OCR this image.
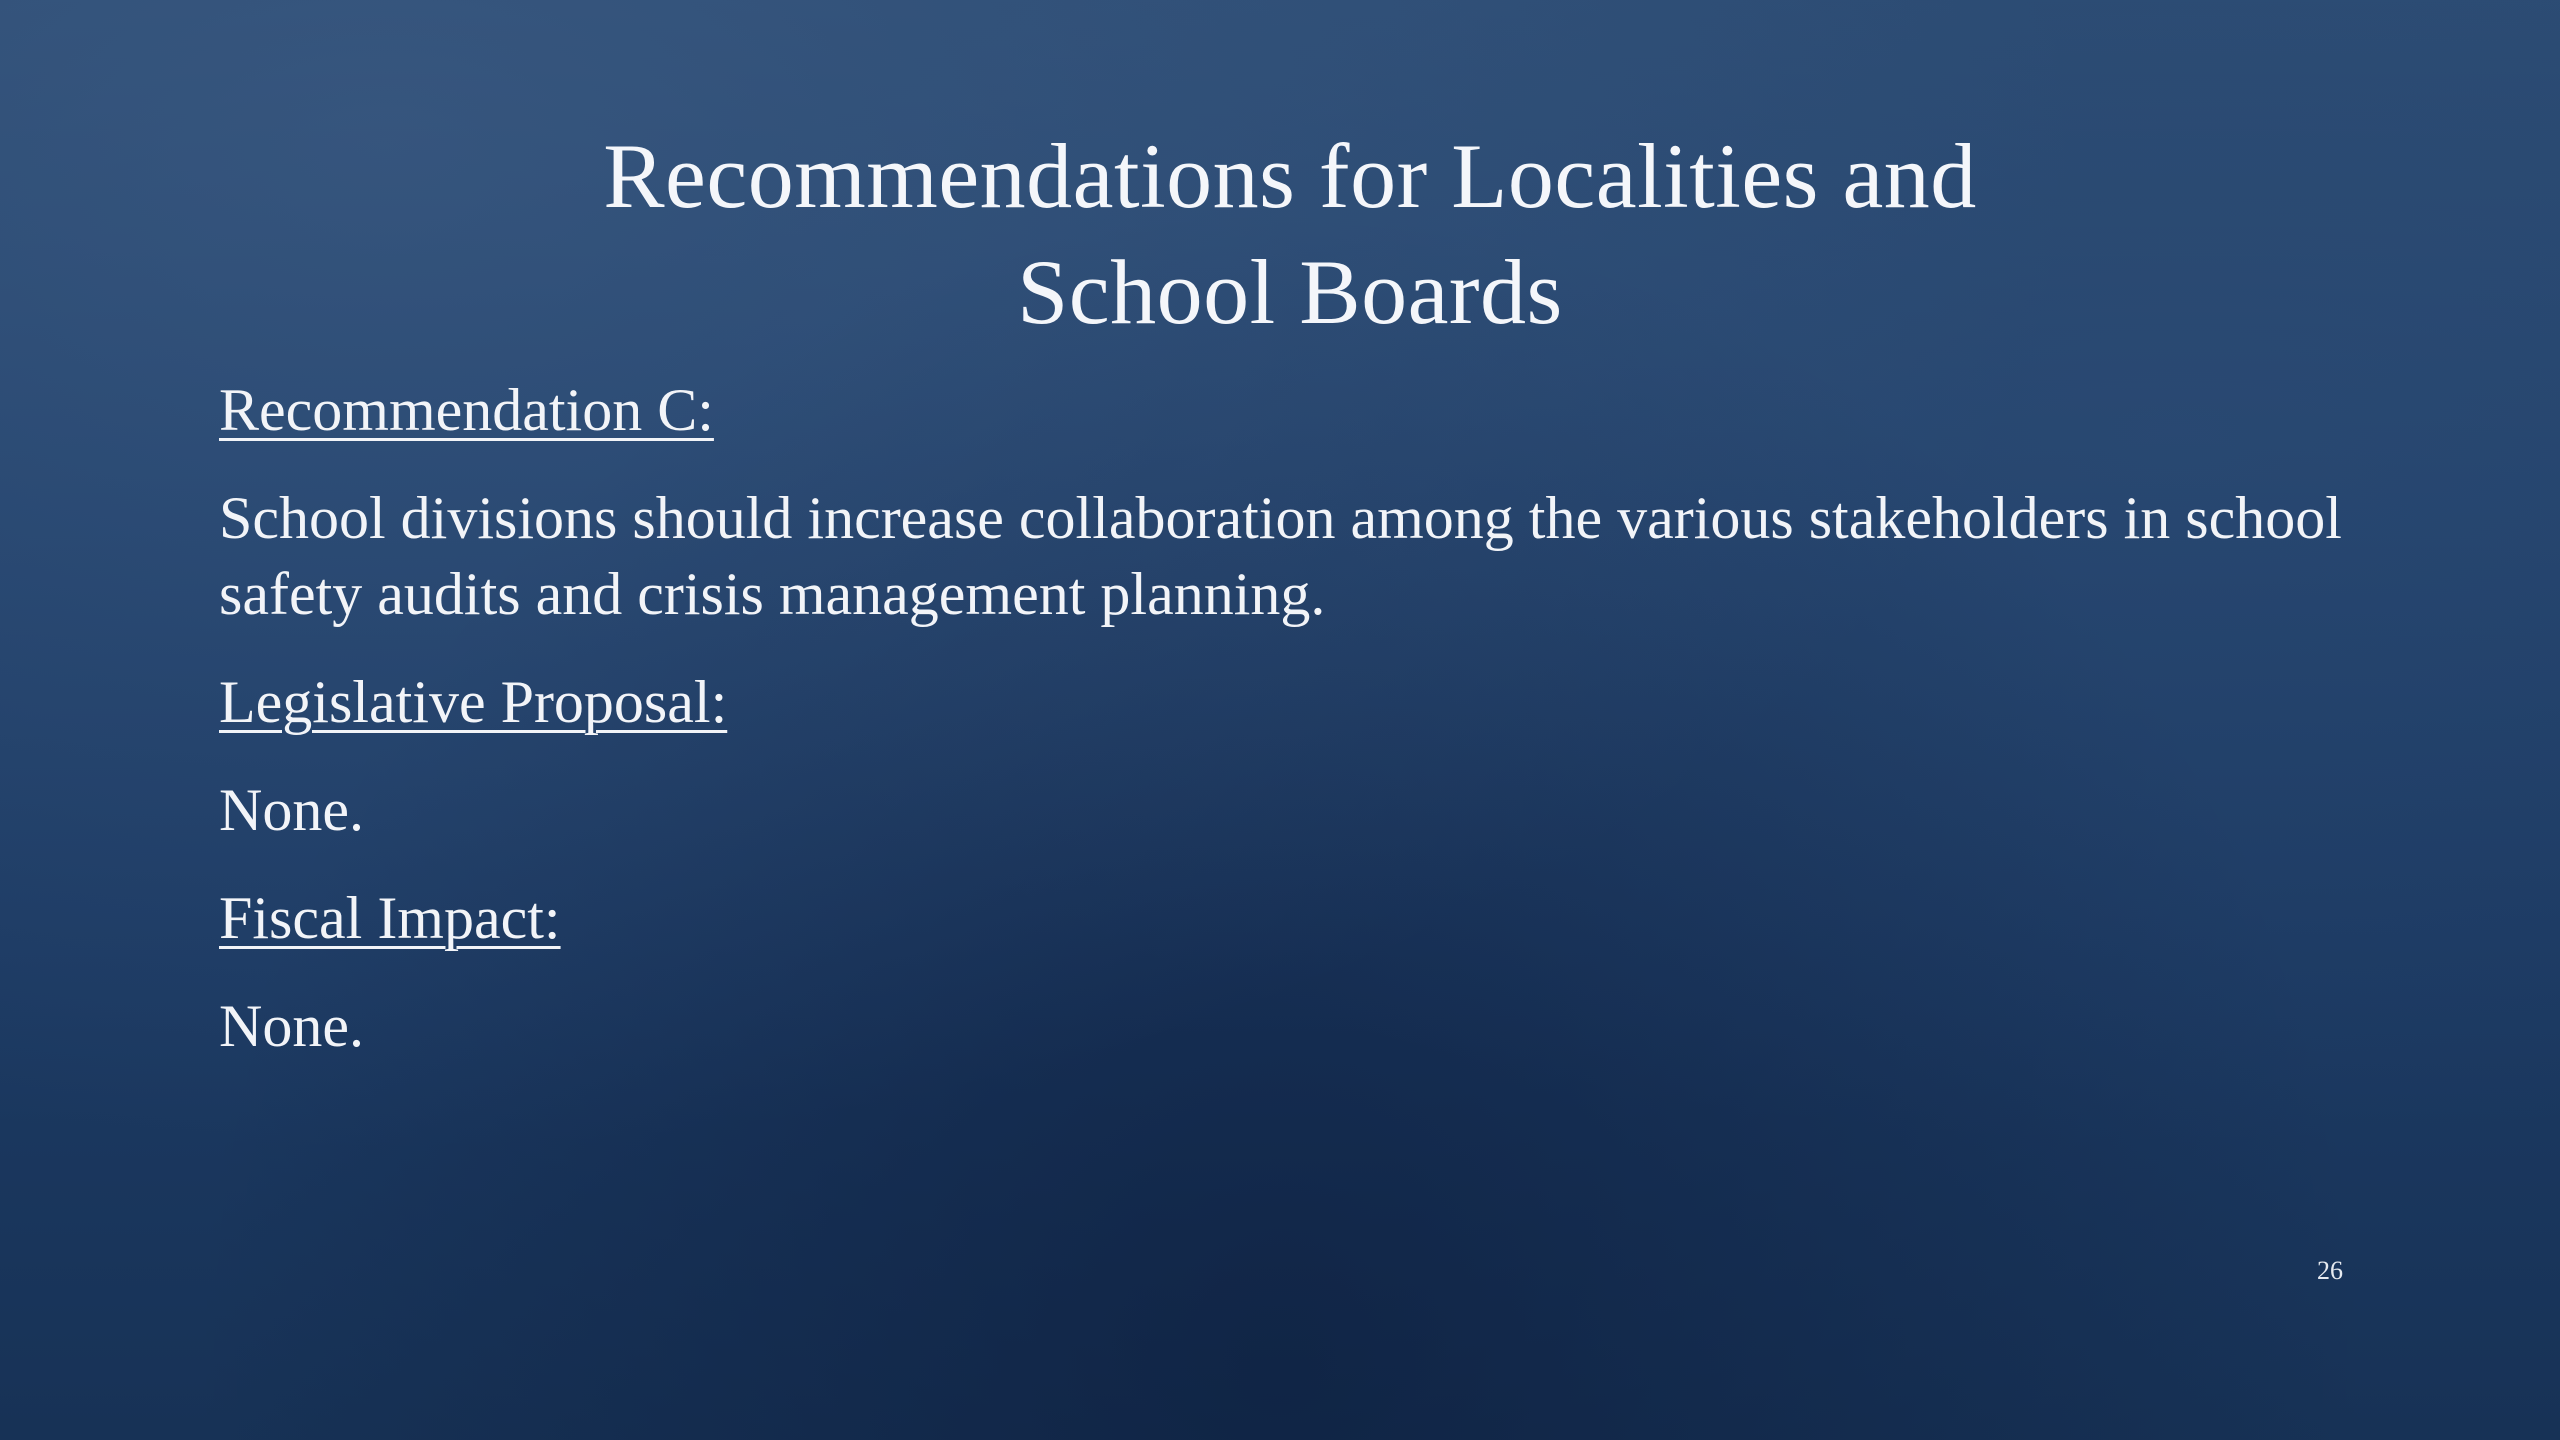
Recommendations for Localities and
School Boards

Recommendation C:

School divisions should increase collaboration among the various stakeholders in school safety audits and crisis management planning.

Legislative Proposal:

None.

Fiscal Impact:

None.

26
